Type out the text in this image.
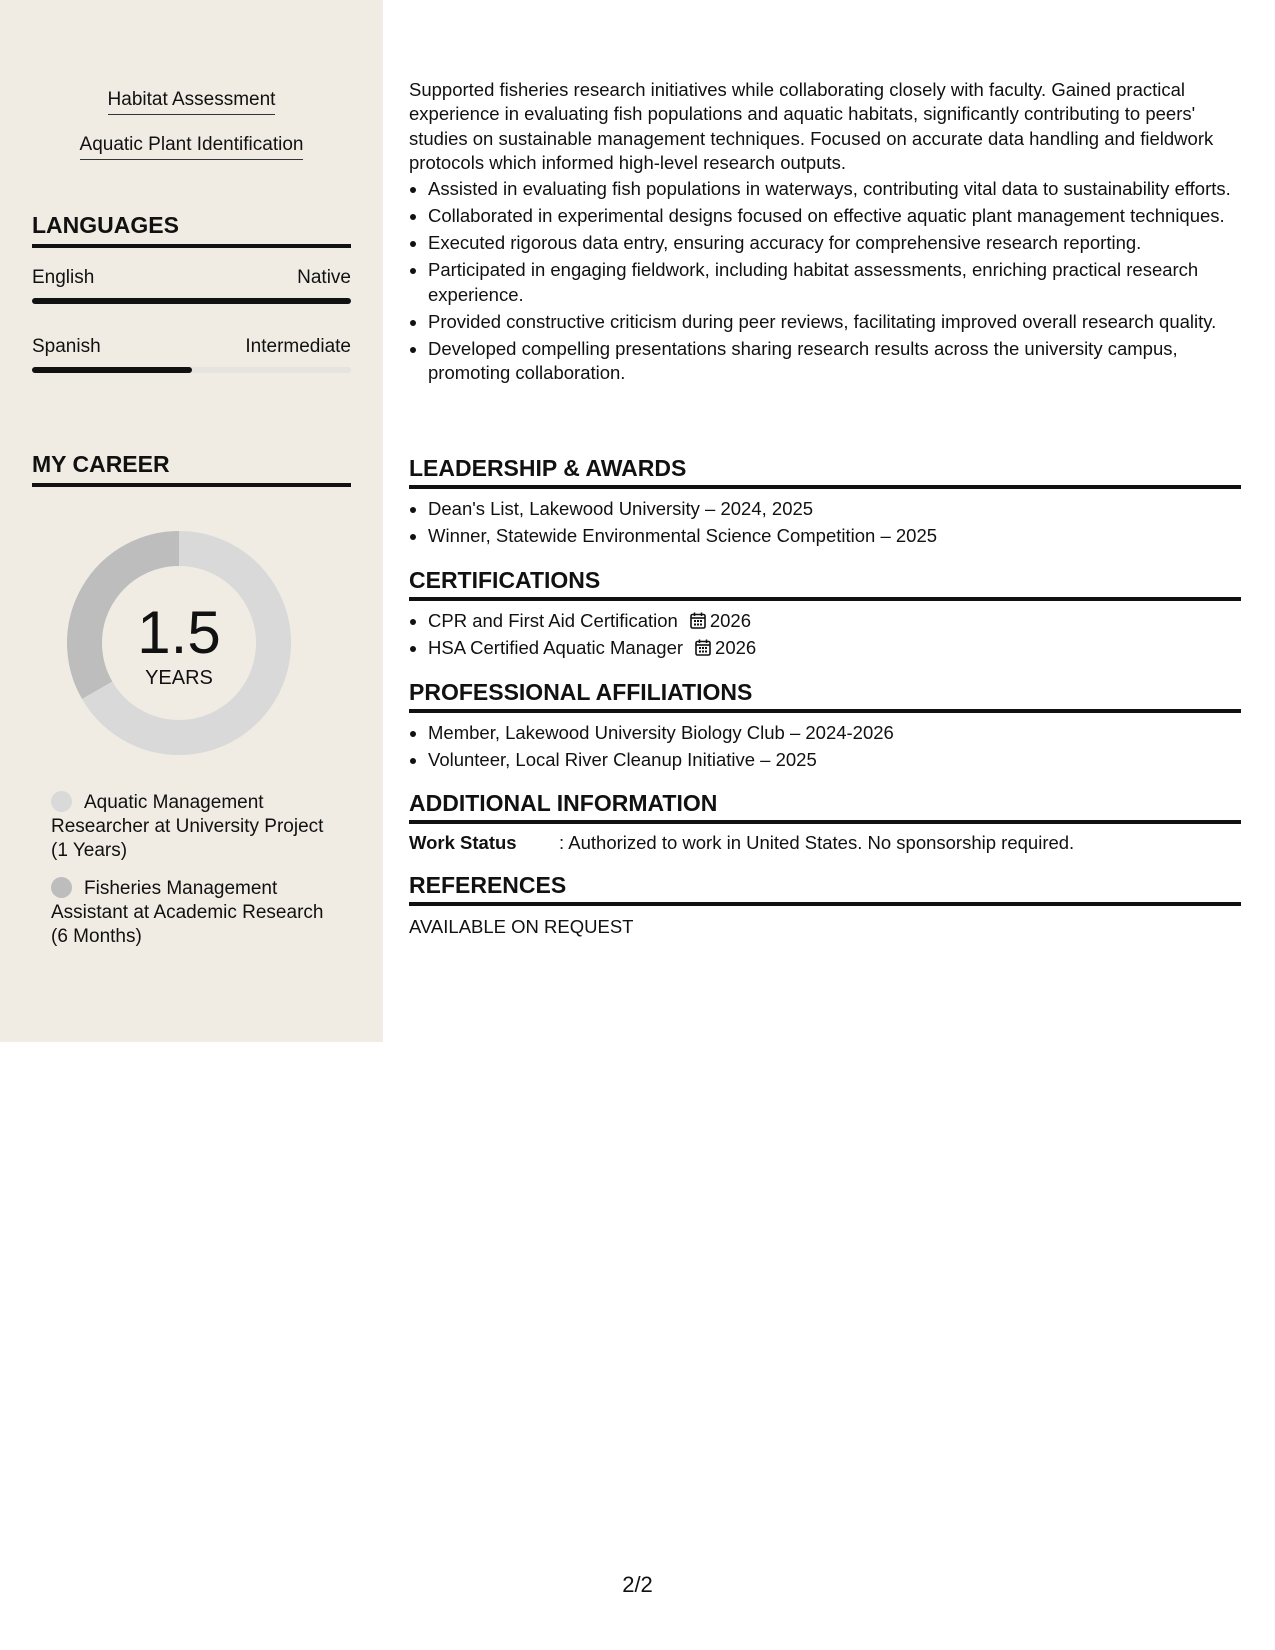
Habitat Assessment
Aquatic Plant Identification
LANGUAGES
English	Native
Spanish	Intermediate
MY CAREER
1.5
YEARS
Aquatic Management Researcher at University Project (1 Years)
Fisheries Management Assistant at Academic Research (6 Months)

Supported fisheries research initiatives while collaborating closely with faculty. Gained practical experience in evaluating fish populations and aquatic habitats, significantly contributing to peers' studies on sustainable management techniques. Focused on accurate data handling and fieldwork protocols which informed high-level research outputs.

• Assisted in evaluating fish populations in waterways, contributing vital data to sustainability efforts.
• Collaborated in experimental designs focused on effective aquatic plant management techniques.
• Executed rigorous data entry, ensuring accuracy for comprehensive research reporting.
• Participated in engaging fieldwork, including habitat assessments, enriching practical research experience.
• Provided constructive criticism during peer reviews, facilitating improved overall research quality.
• Developed compelling presentations sharing research results across the university campus, promoting collaboration.
LEADERSHIP & AWARDS
• Dean's List, Lakewood University – 2024, 2025
• Winner, Statewide Environmental Science Competition – 2025
CERTIFICATIONS
• CPR and First Aid Certification 2026
• HSA Certified Aquatic Manager 2026
PROFESSIONAL AFFILIATIONS
• Member, Lakewood University Biology Club – 2024-2026
• Volunteer, Local River Cleanup Initiative – 2025
ADDITIONAL INFORMATION
Work Status : Authorized to work in United States. No sponsorship required.
REFERENCES
AVAILABLE ON REQUEST
2/2
